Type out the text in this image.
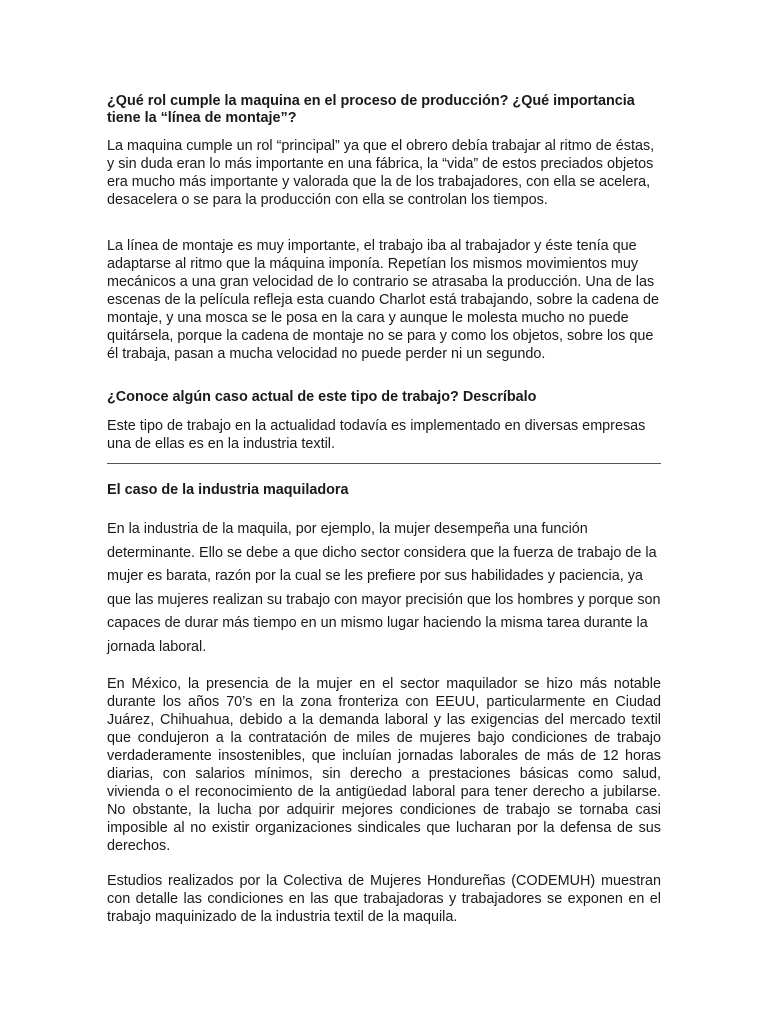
¿Qué rol cumple la maquina en el proceso de producción? ¿Qué importancia tiene la “línea de montaje”?

La maquina cumple un rol “principal” ya que el obrero debía trabajar al ritmo de éstas, y sin duda eran lo más importante en una fábrica, la “vida” de estos preciados objetos era mucho más importante y valorada que la de los trabajadores, con ella se acelera, desacelera o se para la producción con ella se controlan los tiempos.

La línea de montaje es muy importante, el trabajo iba al trabajador y éste tenía que adaptarse al ritmo que la máquina imponía. Repetían los mismos movimientos muy mecánicos a una gran velocidad de lo contrario se atrasaba la producción. Una de las escenas de la película refleja esta cuando Charlot está trabajando, sobre la cadena de montaje, y una mosca se le posa en la cara y aunque le molesta mucho no puede quitársela, porque la cadena de montaje no se para y como los objetos, sobre los que él trabaja, pasan a mucha velocidad no puede perder ni un segundo.

¿Conoce algún caso actual de este tipo de trabajo? Descríbalo

Este tipo de trabajo en la actualidad todavía es implementado en diversas empresas una de ellas es en la industria textil.

El caso de la industria maquiladora

En la industria de la maquila, por ejemplo, la mujer desempeña una función determinante. Ello se debe a que dicho sector considera que la fuerza de trabajo de la mujer es barata, razón por la cual se les prefiere por sus habilidades y paciencia, ya que las mujeres realizan su trabajo con mayor precisión que los hombres y porque son capaces de durar más tiempo en un mismo lugar haciendo la misma tarea durante la jornada laboral.

En México, la presencia de la mujer en el sector maquilador se hizo más notable durante los años 70’s en la zona fronteriza con EEUU, particularmente en Ciudad Juárez, Chihuahua, debido a la demanda laboral y las exigencias del mercado textil que condujeron a la contratación de miles de mujeres bajo condiciones de trabajo verdaderamente insostenibles, que incluían jornadas laborales de más de 12 horas diarias, con salarios mínimos, sin derecho a prestaciones básicas como salud, vivienda o el reconocimiento de la antigüedad laboral para tener derecho a jubilarse. No obstante, la lucha por adquirir mejores condiciones de trabajo se tornaba casi imposible al no existir organizaciones sindicales que lucharan por la defensa de sus derechos.

Estudios realizados por la Colectiva de Mujeres Hondureñas (CODEMUH) muestran con detalle las condiciones en las que trabajadoras y trabajadores se exponen en el trabajo maquinizado de la industria textil de la maquila.
